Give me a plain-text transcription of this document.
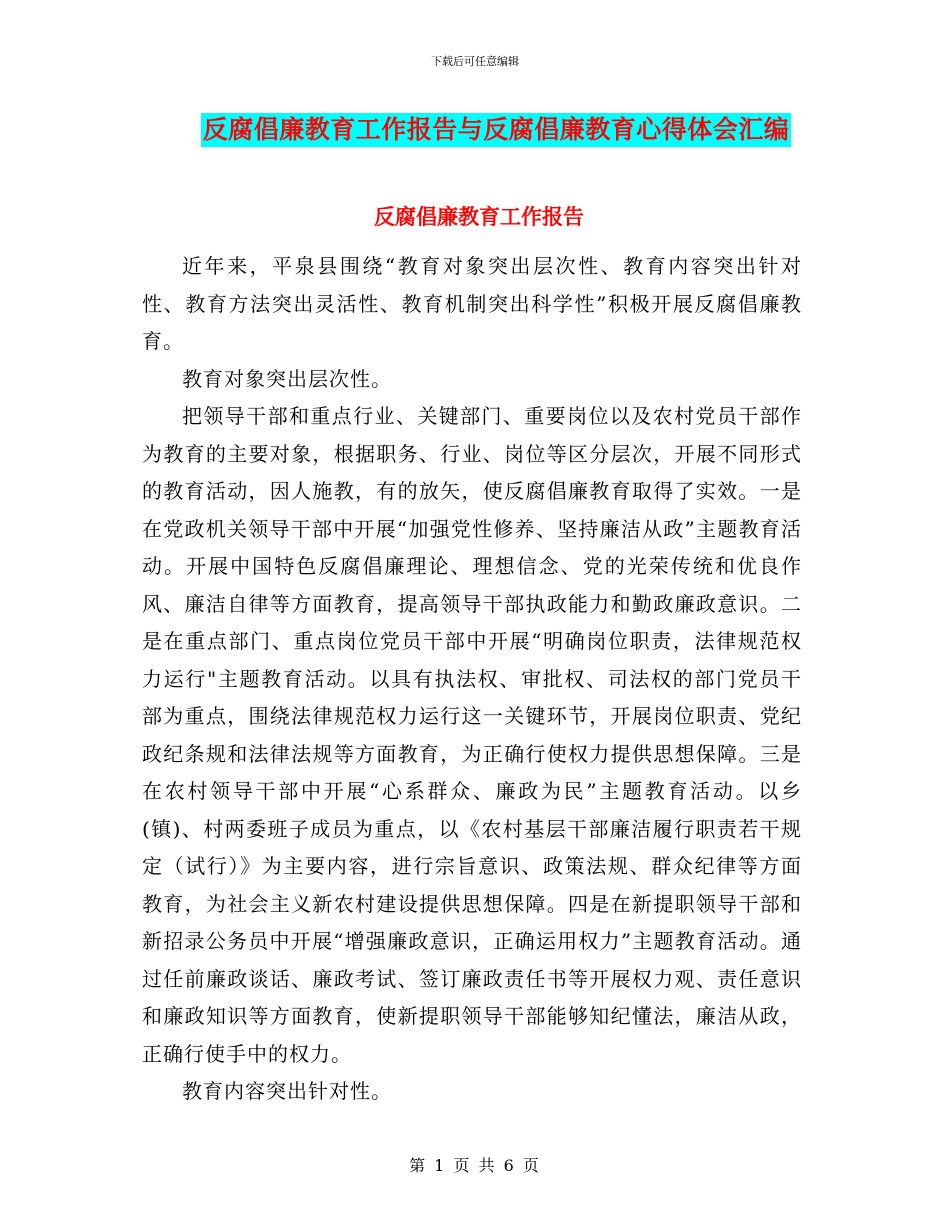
下载后可任意编辑
反腐倡廉教育工作报告与反腐倡廉教育心得体会汇编
反腐倡廉教育工作报告

近年来，平泉县围绕“教育对象突出层次性、教育内容突出针对性、教育方法突出灵活性、教育机制突出科学性”积极开展反腐倡廉教育。

教育对象突出层次性。

把领导干部和重点行业、关键部门、重要岗位以及农村党员干部作为教育的主要对象，根据职务、行业、岗位等区分层次，开展不同形式的教育活动，因人施教，有的放矢，使反腐倡廉教育取得了实效。一是在党政机关领导干部中开展“加强党性修养、坚持廉洁从政”主题教育活动。开展中国特色反腐倡廉理论、理想信念、党的光荣传统和优良作风、廉洁自律等方面教育，提高领导干部执政能力和勤政廉政意识。二是在重点部门、重点岗位党员干部中开展“明确岗位职责，法律规范权力运行"主题教育活动。以具有执法权、审批权、司法权的部门党员干部为重点，围绕法律规范权力运行这一关键环节，开展岗位职责、党纪政纪条规和法律法规等方面教育，为正确行使权力提供思想保障。三是在农村领导干部中开展“心系群众、廉政为民”主题教育活动。以乡(镇)、村两委班子成员为重点，以《农村基层干部廉洁履行职责若干规定（试行）》为主要内容，进行宗旨意识、政策法规、群众纪律等方面教育，为社会主义新农村建设提供思想保障。四是在新提职领导干部和新招录公务员中开展“增强廉政意识，正确运用权力”主题教育活动。通过任前廉政谈话、廉政考试、签订廉政责任书等开展权力观、责任意识和廉政知识等方面教育，使新提职领导干部能够知纪懂法，廉洁从政，正确行使手中的权力。

教育内容突出针对性。

第 1 页 共 6 页
